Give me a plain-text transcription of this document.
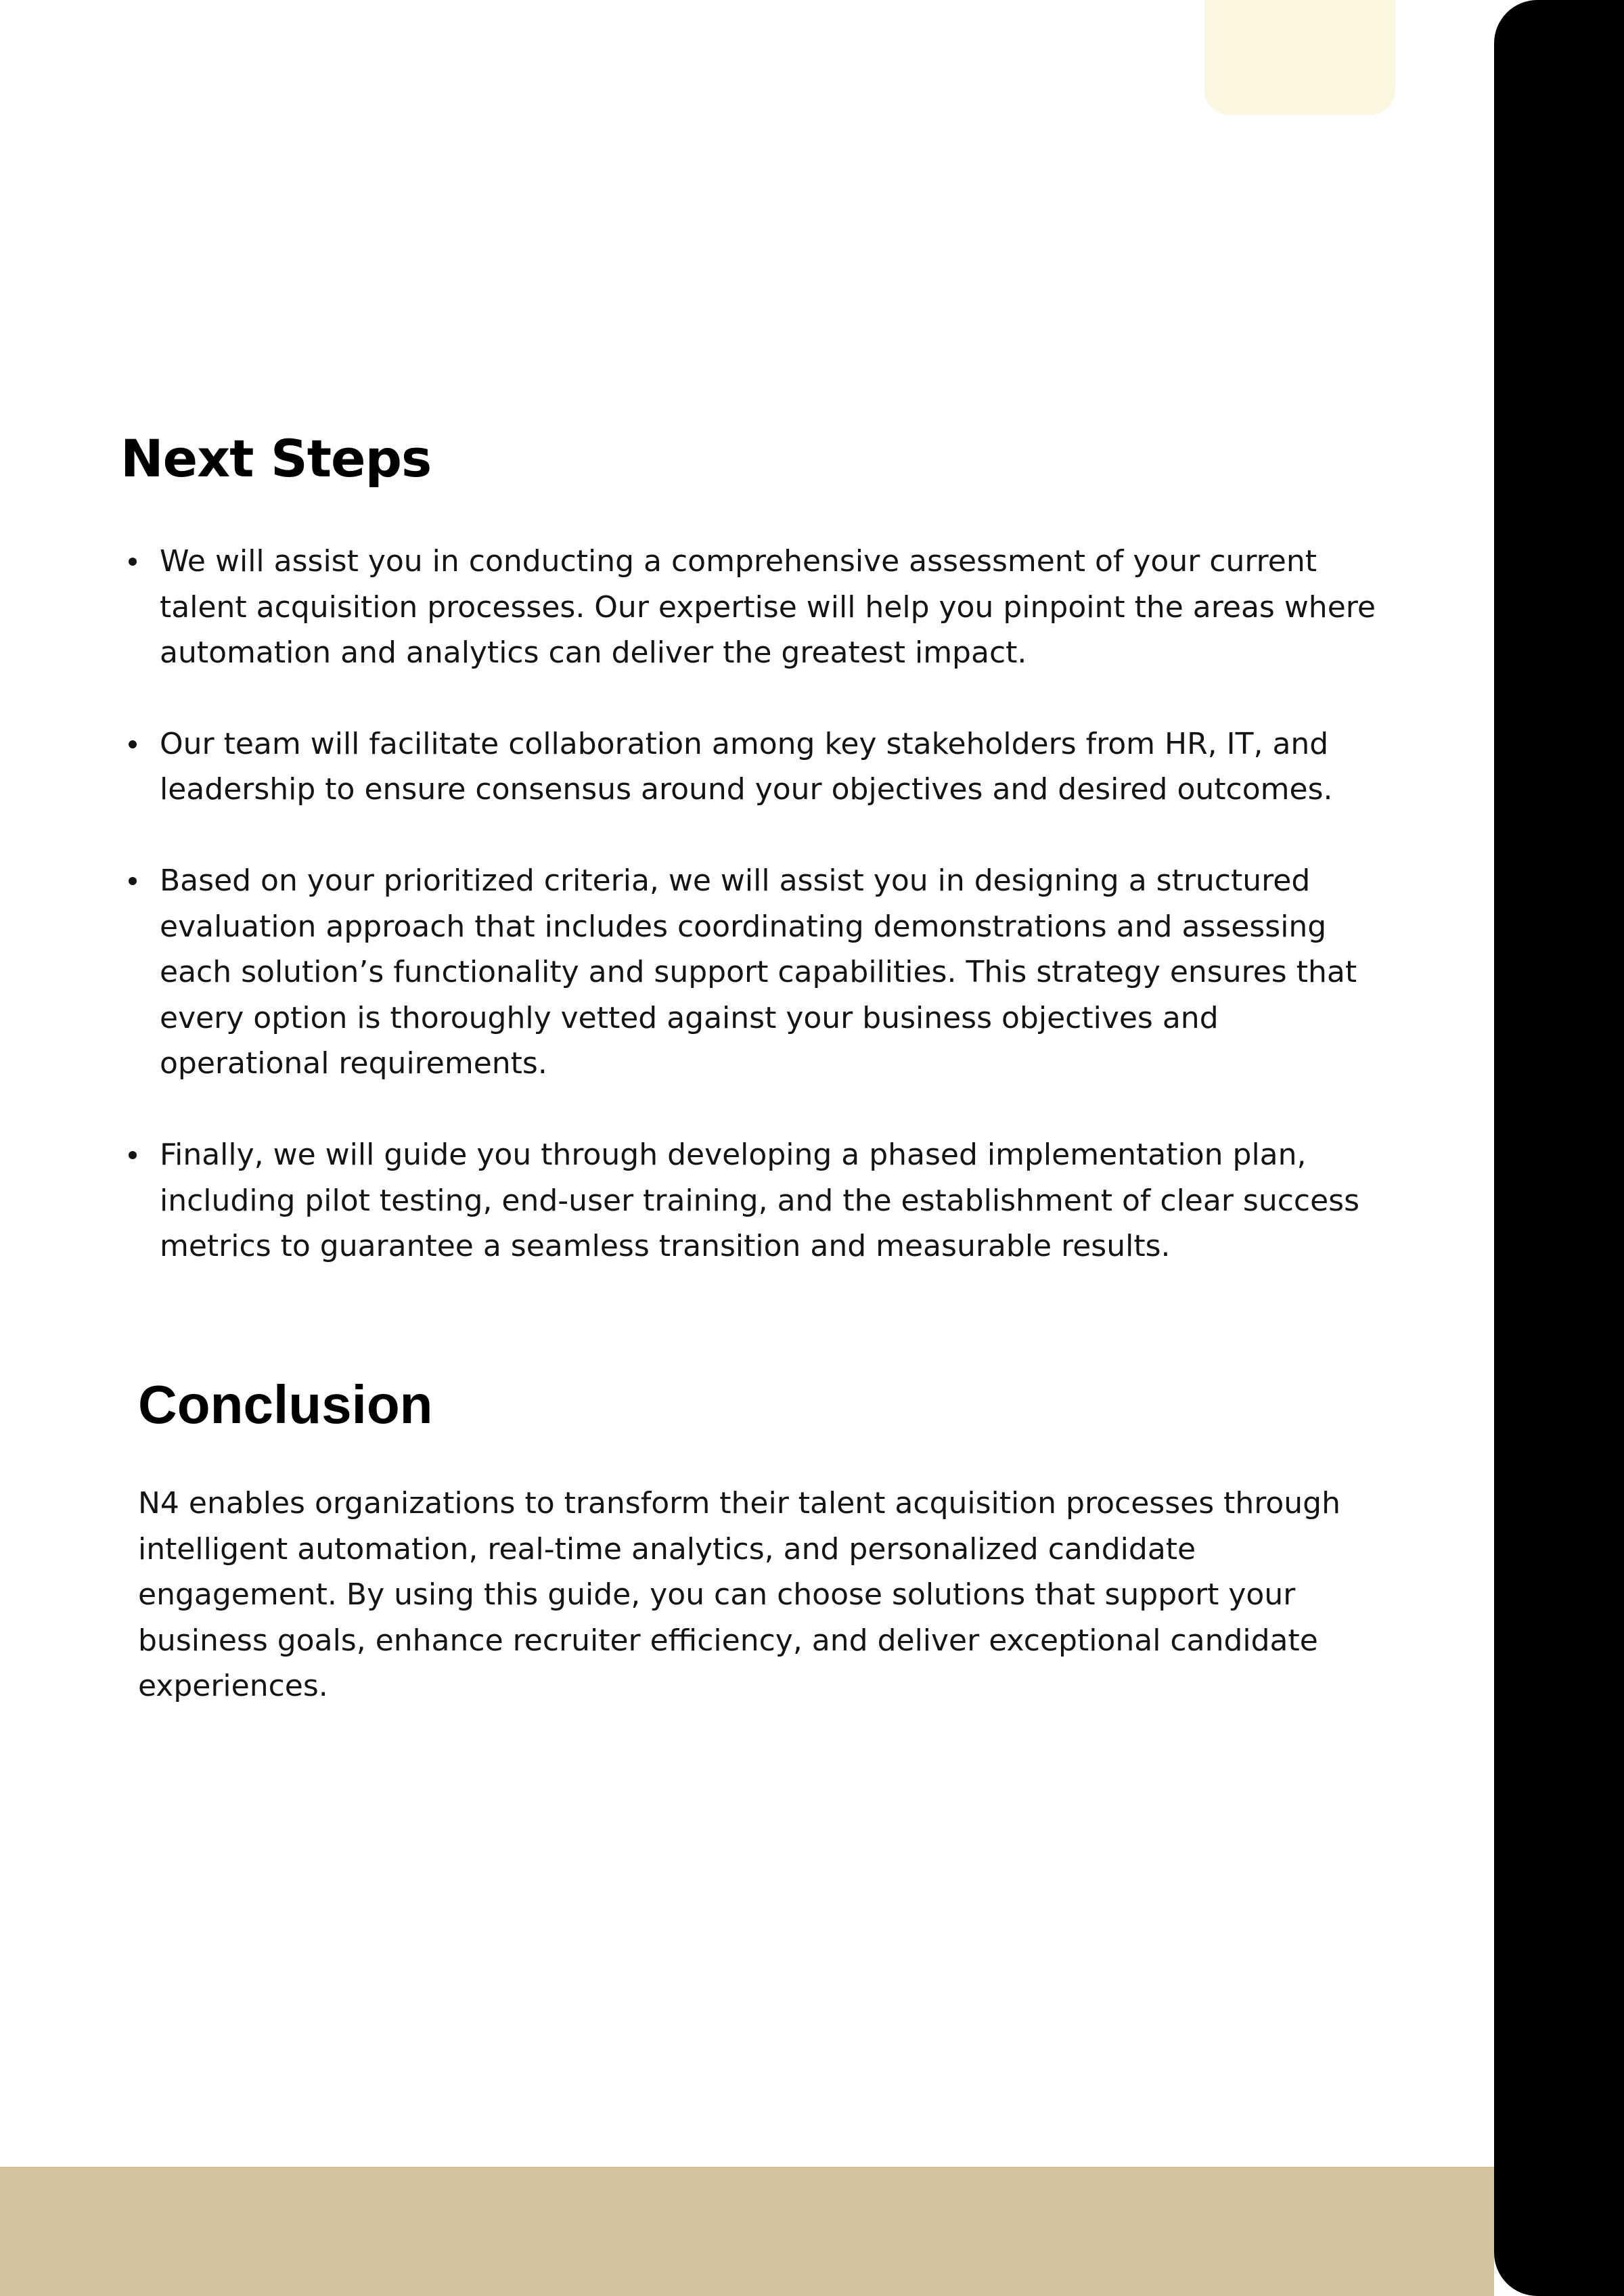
Next Steps
We will assist you in conducting a comprehensive assessment of your current talent acquisition processes. Our expertise will help you pinpoint the areas where automation and analytics can deliver the greatest impact.
Our team will facilitate collaboration among key stakeholders from HR, IT, and leadership to ensure consensus around your objectives and desired outcomes.
Based on your prioritized criteria, we will assist you in designing a structured evaluation approach that includes coordinating demonstrations and assessing each solution’s functionality and support capabilities. This strategy ensures that every option is thoroughly vetted against your business objectives and operational requirements.
Finally, we will guide you through developing a phased implementation plan, including pilot testing, end-user training, and the establishment of clear success metrics to guarantee a seamless transition and measurable results.
Conclusion

N4 enables organizations to transform their talent acquisition processes through intelligent automation, real-time analytics, and personalized candidate engagement. By using this guide, you can choose solutions that support your business goals, enhance recruiter efficiency, and deliver exceptional candidate experiences.
